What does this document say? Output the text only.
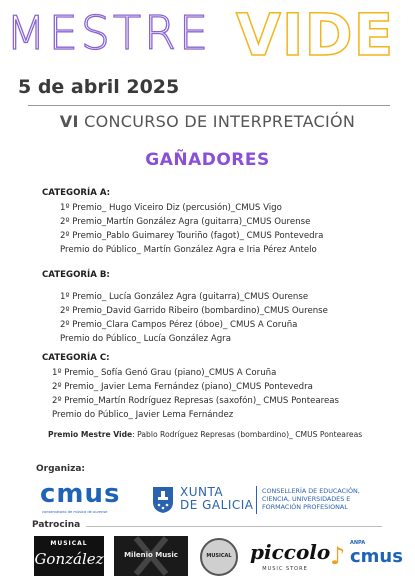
MESTRE VIDE
5 de abril 2025
VI CONCURSO DE INTERPRETACIÓN
GAÑADORES
CATEGORÍA A:
1º Premio_ Hugo Viceiro Diz (percusión)_CMUS Vigo
2º Premio_Martín González Agra (guitarra)_CMUS Ourense
2º Premio_Pablo Guimarey Touriño (fagot)_ CMUS Pontevedra
Premio do Público_ Martín González Agra e Iria Pérez Antelo
CATEGORÍA B:
1º Premio_ Lucía González Agra (guitarra)_CMUS Ourense
2º Premio_David Garrido Ribeiro (bombardino)_CMUS Ourense
2º Premio_Clara Campos Pérez (óboe)_ CMUS A Coruña
Premio do Público_ Lucía González Agra
CATEGORÍA C:
1º Premio_ Sofía Genó Grau (piano)_CMUS A Coruña
2º Premio_ Javier Lema Fernández (piano)_CMUS Pontevedra
2º Premio_Martín Rodríguez Represas (saxofón)_ CMUS Ponteareas
Premio do Público_ Javier Lema Fernández
Premio Mestre Vide: Pablo Rodríguez Represas (bombardino)_ CMUS Ponteareas
Organiza:
cmus
conservatorio de música de ourense
XUNTA
DE GALICIA
CONSELLERÍA DE EDUCACIÓN,
CIENCIA, UNIVERSIDADES E
FORMACIÓN PROFESIONAL
Patrocina
MUSICAL
González	Milenio Music	MUSICAL piccolo
MUSIC STORE ♪ ANPA
cmus
